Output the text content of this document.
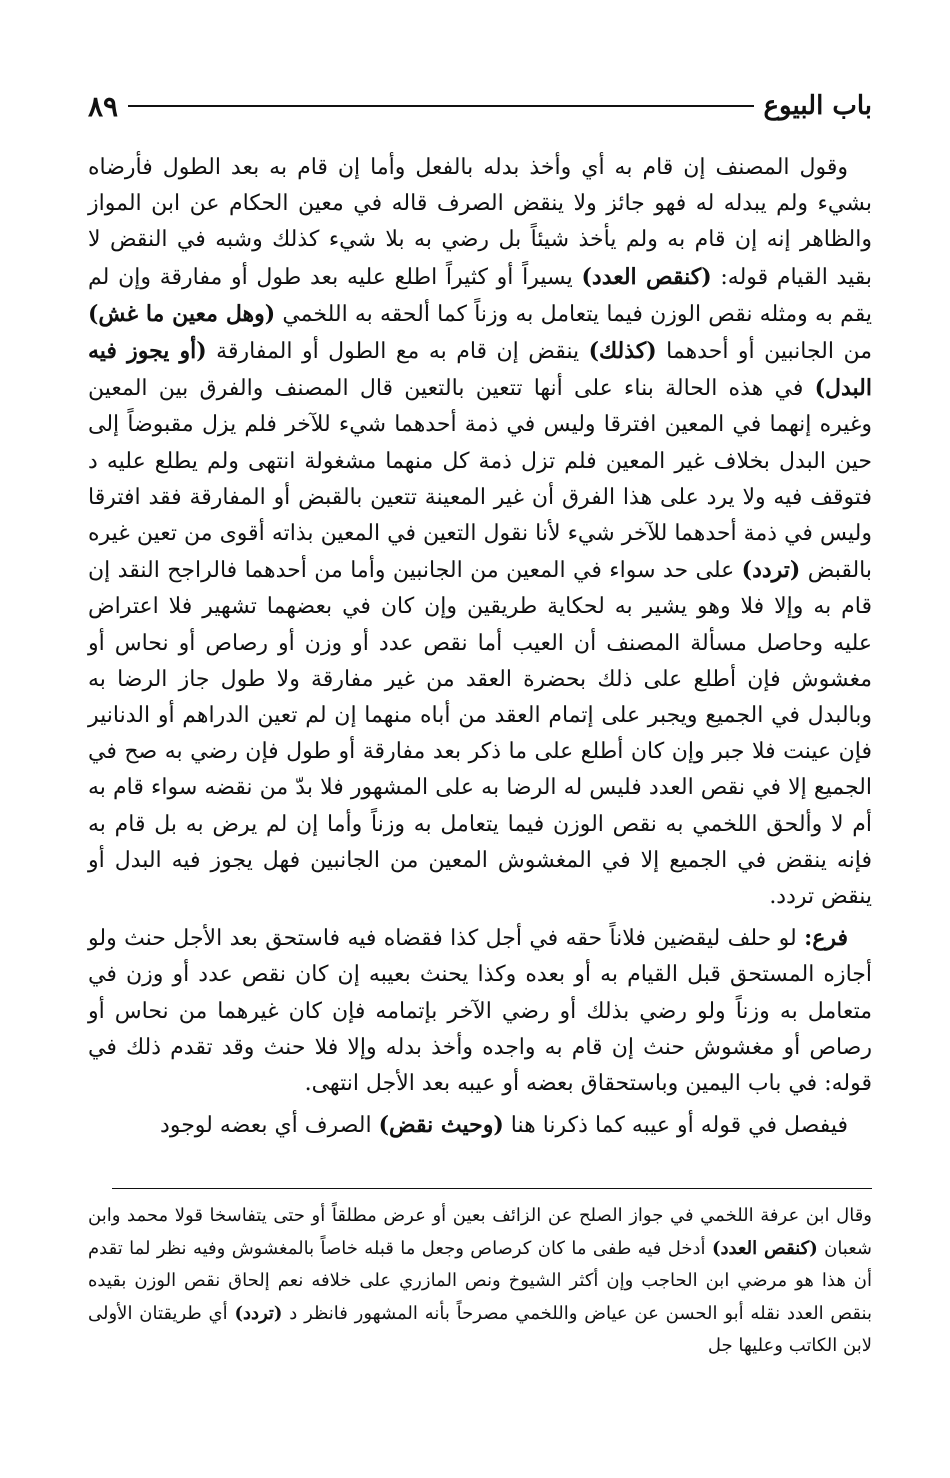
باب البيوع
٨٩

وقول المصنف إن قام به أي وأخذ بدله بالفعل وأما إن قام به بعد الطول فأرضاه بشيء ولم يبدله له فهو جائز ولا ينقض الصرف قاله في معين الحكام عن ابن المواز والظاهر إنه إن قام به ولم يأخذ شيئاً بل رضي به بلا شيء كذلك وشبه في النقض لا بقيد القيام قوله: (كنقص العدد) يسيراً أو كثيراً اطلع عليه بعد طول أو مفارقة وإن لم يقم به ومثله نقص الوزن فيما يتعامل به وزناً كما ألحقه به اللخمي (وهل معين ما غش) من الجانبين أو أحدهما (كذلك) ينقض إن قام به مع الطول أو المفارقة (أو يجوز فيه البدل) في هذه الحالة بناء على أنها تتعين بالتعين قال المصنف والفرق بين المعين وغيره إنهما في المعين افترقا وليس في ذمة أحدهما شيء للآخر فلم يزل مقبوضاً إلى حين البدل بخلاف غير المعين فلم تزل ذمة كل منهما مشغولة انتهى ولم يطلع عليه د فتوقف فيه ولا يرد على هذا الفرق أن غير المعينة تتعين بالقبض أو المفارقة فقد افترقا وليس في ذمة أحدهما للآخر شيء لأنا نقول التعين في المعين بذاته أقوى من تعين غيره بالقبض (تردد) على حد سواء في المعين من الجانبين وأما من أحدهما فالراجح النقد إن قام به وإلا فلا وهو يشير به لحكاية طريقين وإن كان في بعضهما تشهير فلا اعتراض عليه وحاصل مسألة المصنف أن العيب أما نقص عدد أو وزن أو رصاص أو نحاس أو مغشوش فإن أطلع على ذلك بحضرة العقد من غير مفارقة ولا طول جاز الرضا به وبالبدل في الجميع ويجبر على إتمام العقد من أباه منهما إن لم تعين الدراهم أو الدنانير فإن عينت فلا جبر وإن كان أطلع على ما ذكر بعد مفارقة أو طول فإن رضي به صح في الجميع إلا في نقص العدد فليس له الرضا به على المشهور فلا بدّ من نقضه سواء قام به أم لا وألحق اللخمي به نقص الوزن فيما يتعامل به وزناً وأما إن لم يرض به بل قام به فإنه ينقض في الجميع إلا في المغشوش المعين من الجانبين فهل يجوز فيه البدل أو ينقض تردد.

فرع: لو حلف ليقضين فلاناً حقه في أجل كذا فقضاه فيه فاستحق بعد الأجل حنث ولو أجازه المستحق قبل القيام به أو بعده وكذا يحنث بعيبه إن كان نقص عدد أو وزن في متعامل به وزناً ولو رضي بذلك أو رضي الآخر بإتمامه فإن كان غيرهما من نحاس أو رصاص أو مغشوش حنث إن قام به واجده وأخذ بدله وإلا فلا حنث وقد تقدم ذلك في قوله: في باب اليمين وباستحقاق بعضه أو عيبه بعد الأجل انتهى.

فيفصل في قوله أو عيبه كما ذكرنا هنا (وحيث نقض) الصرف أي بعضه لوجود

وقال ابن عرفة اللخمي في جواز الصلح عن الزائف بعين أو عرض مطلقاً أو حتى يتفاسخا قولا محمد وابن شعبان (كنقص العدد) أدخل فيه طفى ما كان كرصاص وجعل ما قبله خاصاً بالمغشوش وفيه نظر لما تقدم أن هذا هو مرضي ابن الحاجب وإن أكثر الشيوخ ونص المازري على خلافه نعم إلحاق نقص الوزن بقيده بنقص العدد نقله أبو الحسن عن عياض واللخمي مصرحاً بأنه المشهور فانظر د (تردد) أي طريقتان الأولى لابن الكاتب وعليها جل
